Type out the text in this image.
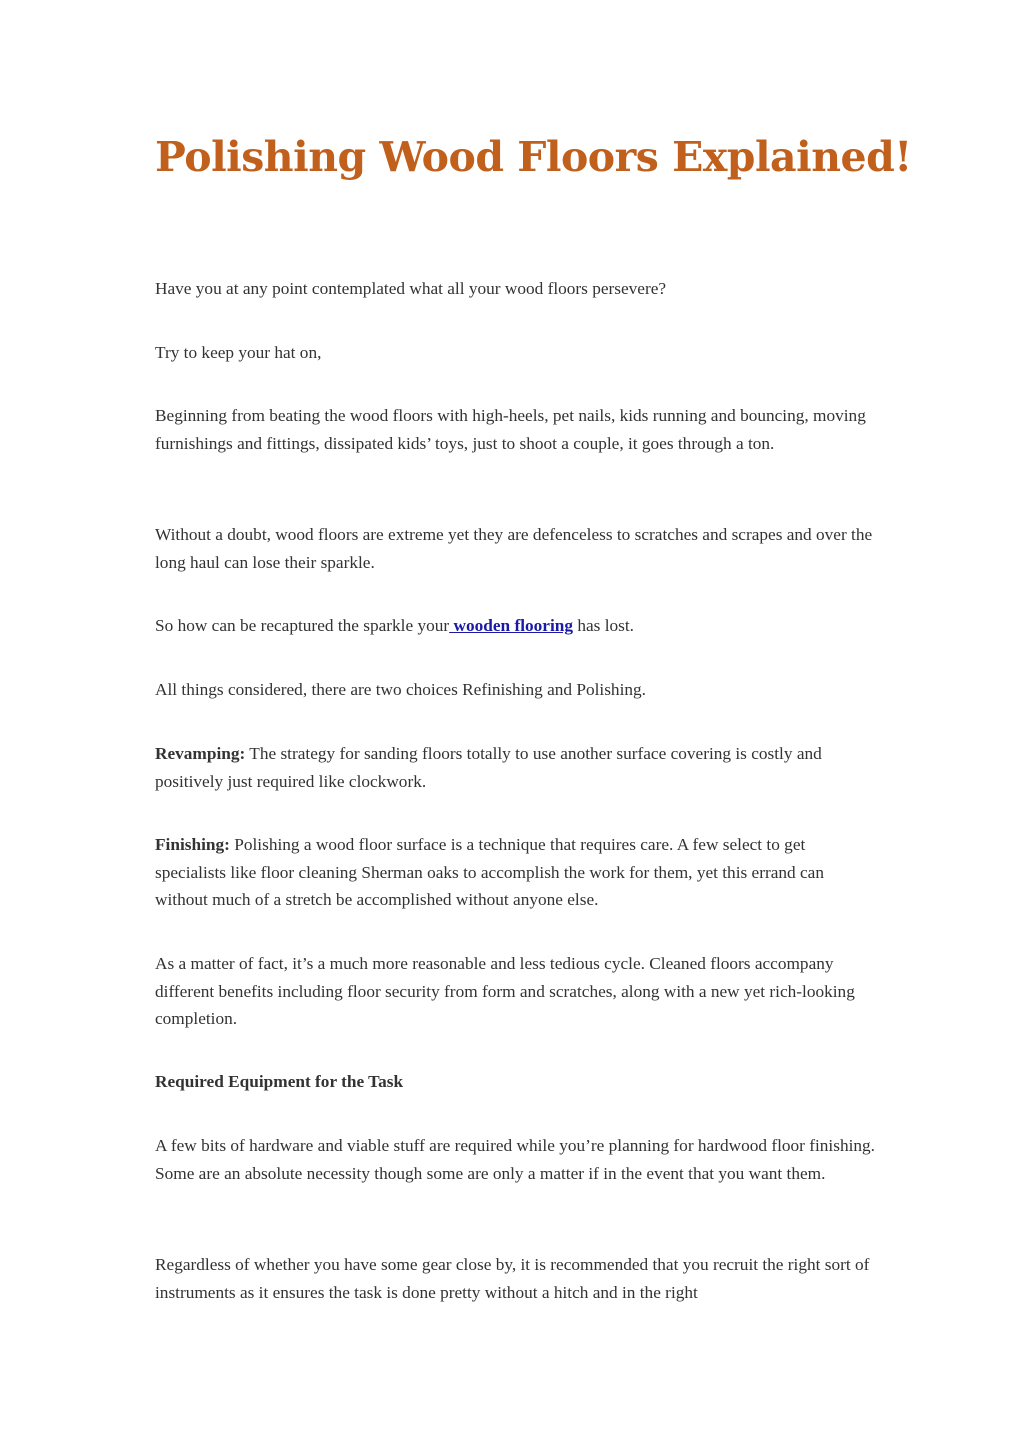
Polishing Wood Floors Explained!

Have you at any point contemplated what all your wood floors persevere?

Try to keep your hat on,

Beginning from beating the wood floors with high-heels, pet nails, kids running and bouncing, moving furnishings and fittings, dissipated kids’ toys, just to shoot a couple, it goes through a ton.

Without a doubt, wood floors are extreme yet they are defenceless to scratches and scrapes and over the long haul can lose their sparkle.

So how can be recaptured the sparkle your wooden flooring has lost.

All things considered, there are two choices Refinishing and Polishing.

Revamping: The strategy for sanding floors totally to use another surface covering is costly and positively just required like clockwork.

Finishing: Polishing a wood floor surface is a technique that requires care. A few select to get specialists like floor cleaning Sherman oaks to accomplish the work for them, yet this errand can without much of a stretch be accomplished without anyone else.

As a matter of fact, it’s a much more reasonable and less tedious cycle. Cleaned floors accompany different benefits including floor security from form and scratches, along with a new yet rich-looking completion.

Required Equipment for the Task

A few bits of hardware and viable stuff are required while you’re planning for hardwood floor finishing. Some are an absolute necessity though some are only a matter if in the event that you want them.

Regardless of whether you have some gear close by, it is recommended that you recruit the right sort of instruments as it ensures the task is done pretty without a hitch and in the right
